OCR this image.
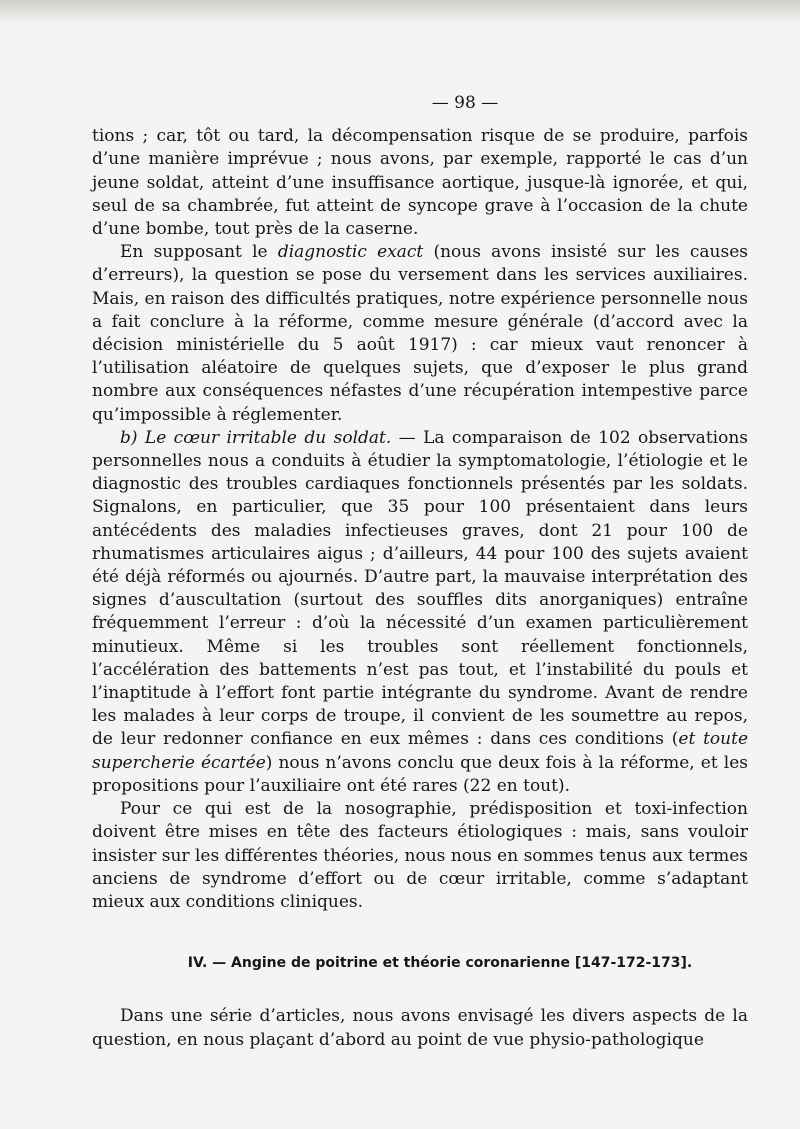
— 98 —

tions ; car, tôt ou tard, la décompensation risque de se produire, parfois d’une manière imprévue ; nous avons, par exemple, rapporté le cas d’un jeune soldat, atteint d’une insuffisance aortique, jusque-là ignorée, et qui, seul de sa chambrée, fut atteint de syncope grave à l’occasion de la chute d’une bombe, tout près de la caserne.

En supposant le diagnostic exact (nous avons insisté sur les causes d’erreurs), la question se pose du versement dans les services auxiliaires. Mais, en raison des difficultés pratiques, notre expérience personnelle nous a fait conclure à la réforme, comme mesure générale (d’accord avec la décision ministérielle du 5 août 1917) : car mieux vaut renoncer à l’utilisation aléatoire de quelques sujets, que d’exposer le plus grand nombre aux conséquences néfastes d’une récupération intempestive parce qu’impossible à réglementer.

b) Le cœur irritable du soldat. — La comparaison de 102 observations personnelles nous a conduits à étudier la symptomatologie, l’étiologie et le diagnostic des troubles cardiaques fonctionnels présentés par les soldats. Signalons, en particulier, que 35 pour 100 présentaient dans leurs antécédents des maladies infectieuses graves, dont 21 pour 100 de rhumatismes articulaires aigus ; d’ailleurs, 44 pour 100 des sujets avaient été déjà réformés ou ajournés. D’autre part, la mauvaise interprétation des signes d’auscultation (surtout des souffles dits anorganiques) entraîne fréquemment l’erreur : d’où la nécessité d’un examen particulièrement minutieux. Même si les troubles sont réellement fonctionnels, l’accélération des battements n’est pas tout, et l’instabilité du pouls et l’inaptitude à l’effort font partie intégrante du syndrome. Avant de rendre les malades à leur corps de troupe, il convient de les soumettre au repos, de leur redonner confiance en eux mêmes : dans ces conditions (et toute supercherie écartée) nous n’avons conclu que deux fois à la réforme, et les propositions pour l’auxiliaire ont été rares (22 en tout).

Pour ce qui est de la nosographie, prédisposition et toxi-infection doivent être mises en tête des facteurs étiologiques : mais, sans vouloir insister sur les différentes théories, nous nous en sommes tenus aux termes anciens de syndrome d’effort ou de cœur irritable, comme s’adaptant mieux aux conditions cliniques.

IV. — Angine de poitrine et théorie coronarienne [147-172-173].

Dans une série d’articles, nous avons envisagé les divers aspects de la question, en nous plaçant d’abord au point de vue physio-pathologique
